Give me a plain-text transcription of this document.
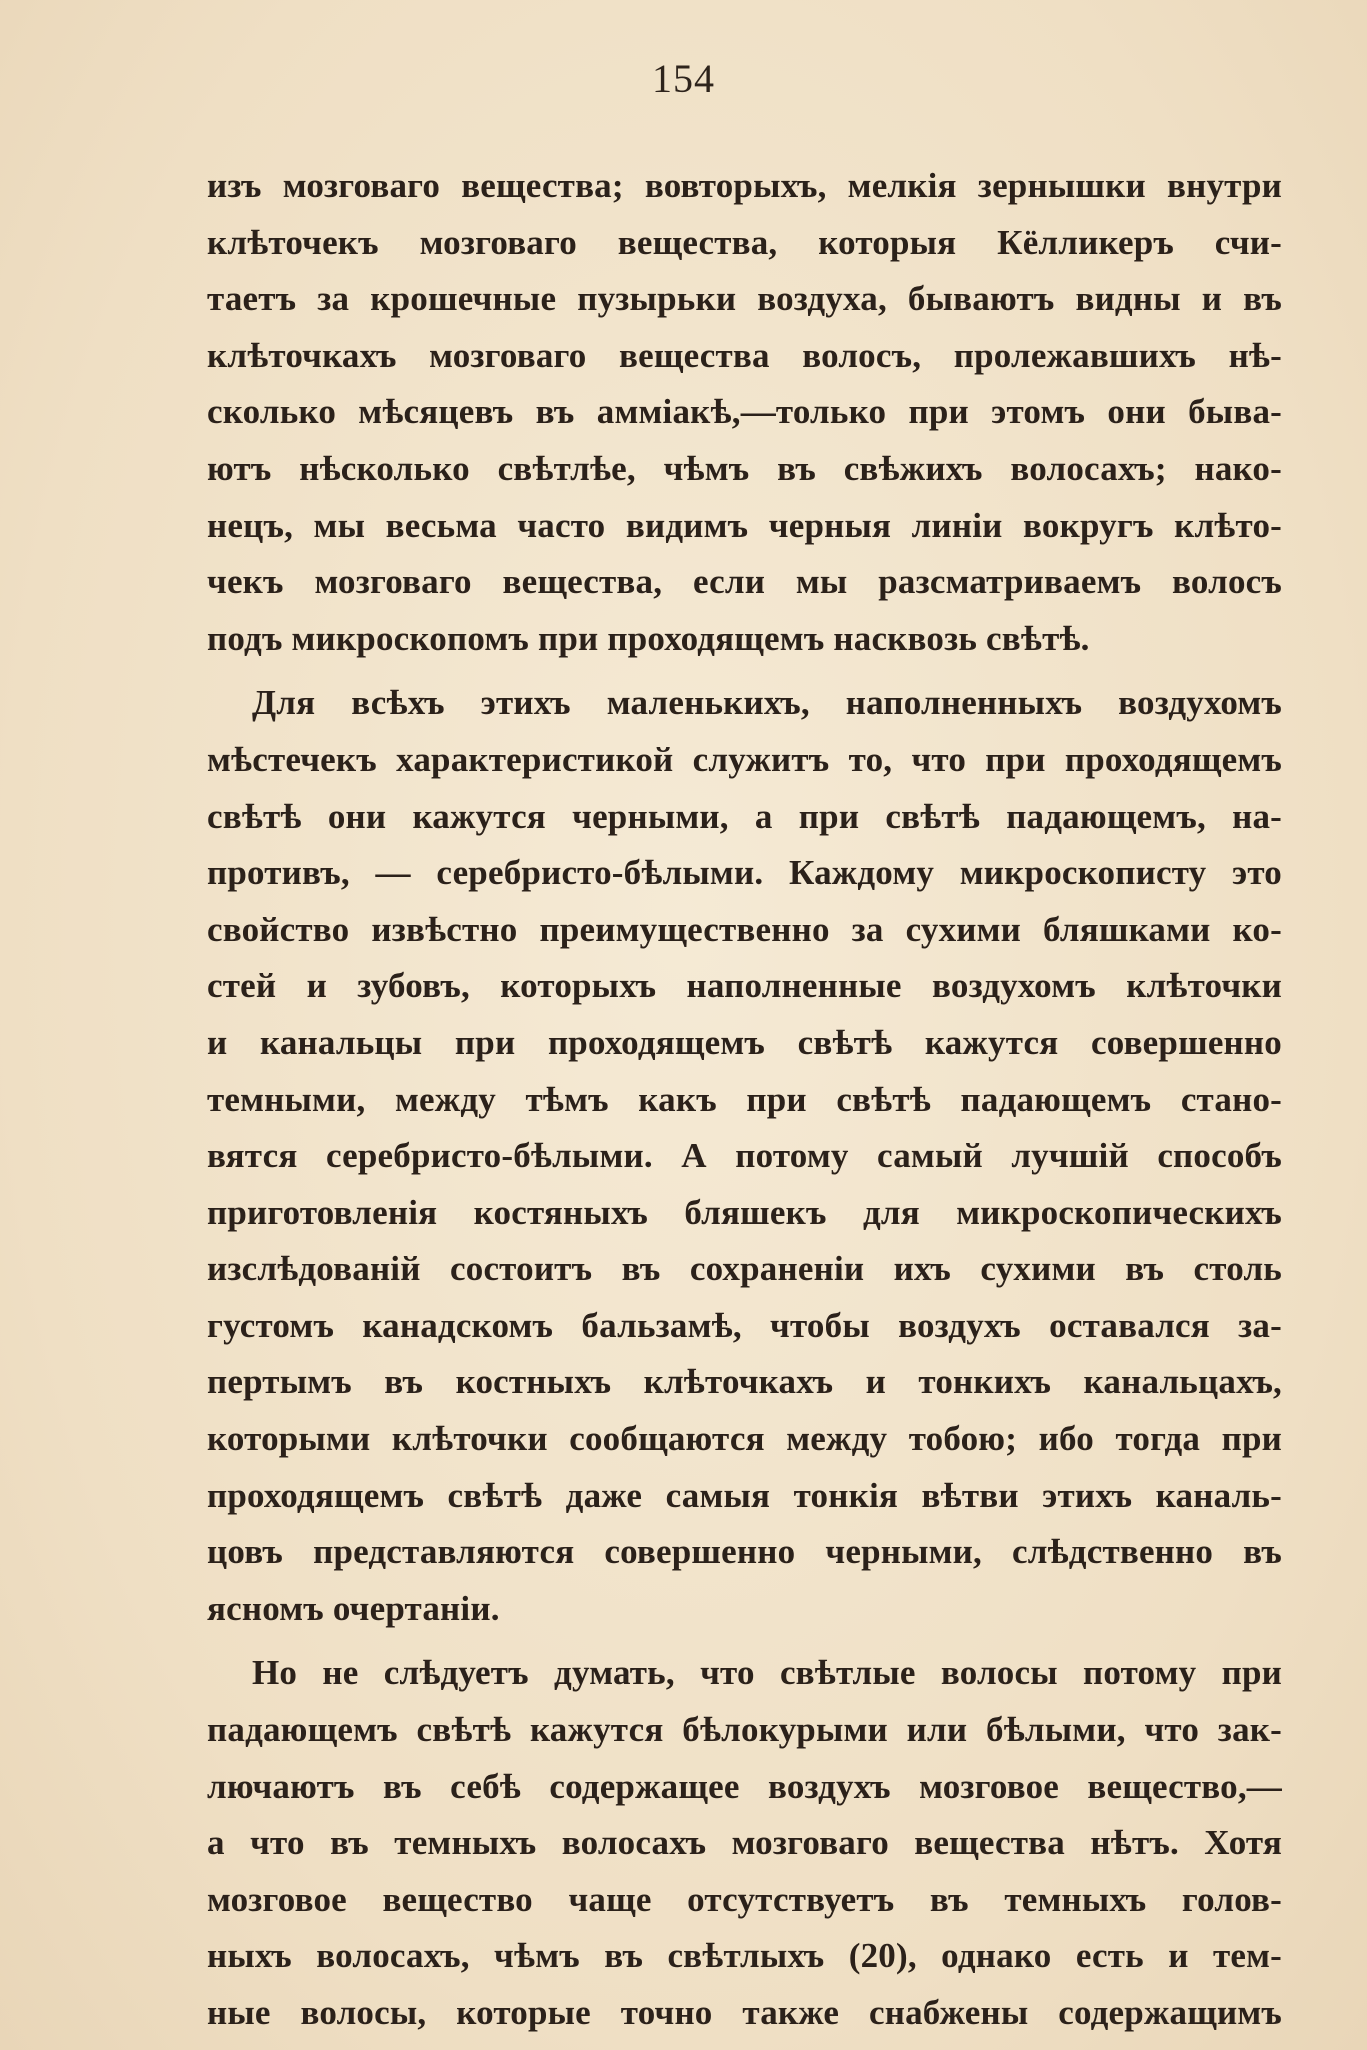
154
изъ мозговаго вещества; вовторыхъ, мелкія зернышки внутри
клѣточекъ мозговаго вещества, которыя Кёлликеръ счи-
таетъ за крошечные пузырьки воздуха, бываютъ видны и въ
клѣточкахъ мозговаго вещества волосъ, пролежавшихъ нѣ-
сколько мѣсяцевъ въ амміакѣ,—только при этомъ они быва-
ютъ нѣсколько свѣтлѣе, чѣмъ въ свѣжихъ волосахъ; нако-
нецъ, мы весьма часто видимъ черныя линіи вокругъ клѣто-
чекъ мозговаго вещества, если мы разсматриваемъ волосъ
подъ микроскопомъ при проходящемъ насквозь свѣтѣ.
Для всѣхъ этихъ маленькихъ, наполненныхъ воздухомъ
мѣстечекъ характеристикой служитъ то, что при проходящемъ
свѣтѣ они кажутся черными, а при свѣтѣ падающемъ, на-
противъ, — серебристо-бѣлыми. Каждому микроскописту это
свойство извѣстно преимущественно за сухими бляшками ко-
стей и зубовъ, которыхъ наполненные воздухомъ клѣточки
и канальцы при проходящемъ свѣтѣ кажутся совершенно
темными, между тѣмъ какъ при свѣтѣ падающемъ стано-
вятся серебристо-бѣлыми. А потому самый лучшій способъ
приготовленія костяныхъ бляшекъ для микроскопическихъ
изслѣдованій состоитъ въ сохраненіи ихъ сухими въ столь
густомъ канадскомъ бальзамѣ, чтобы воздухъ оставался за-
пертымъ въ костныхъ клѣточкахъ и тонкихъ канальцахъ,
которыми клѣточки сообщаются между тобою; ибо тогда при
проходящемъ свѣтѣ даже самыя тонкія вѣтви этихъ каналь-
цовъ представляются совершенно черными, слѣдственно въ
ясномъ очертаніи.
Но не слѣдуетъ думать, что свѣтлые волосы потому при
падающемъ свѣтѣ кажутся бѣлокурыми или бѣлыми, что зак-
лючаютъ въ себѣ содержащее воздухъ мозговое вещество,—
а что въ темныхъ волосахъ мозговаго вещества нѣтъ. Хотя
мозговое вещество чаще отсутствуетъ въ темныхъ голов-
ныхъ волосахъ, чѣмъ въ свѣтлыхъ (20), однако есть и тем-
ные волосы, которые точно также снабжены содержащимъ
